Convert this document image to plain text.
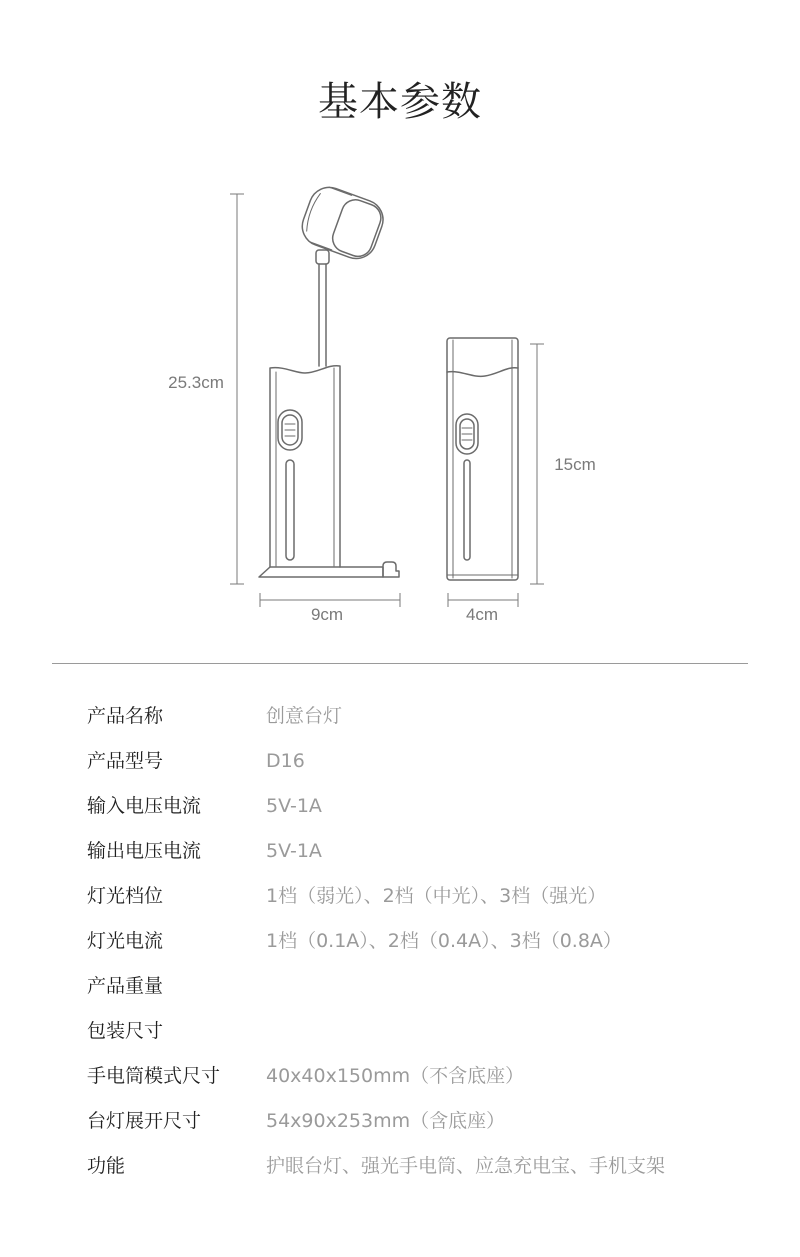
基本参数
25.3cm
9cm
15cm
4cm
产品名称	创意台灯
产品型号	D16
输入电压电流	5V-1A
输出电压电流	5V-1A
灯光档位	1档（弱光）、2档（中光）、3档（强光）
灯光电流	1档（0.1A）、2档（0.4A）、3档（0.8A）
产品重量
包装尺寸
手电筒模式尺寸 40x40x150mm（不含底座）
台灯展开尺寸	54x90x253mm（含底座）
功能	护眼台灯、强光手电筒、应急充电宝、手机支架
